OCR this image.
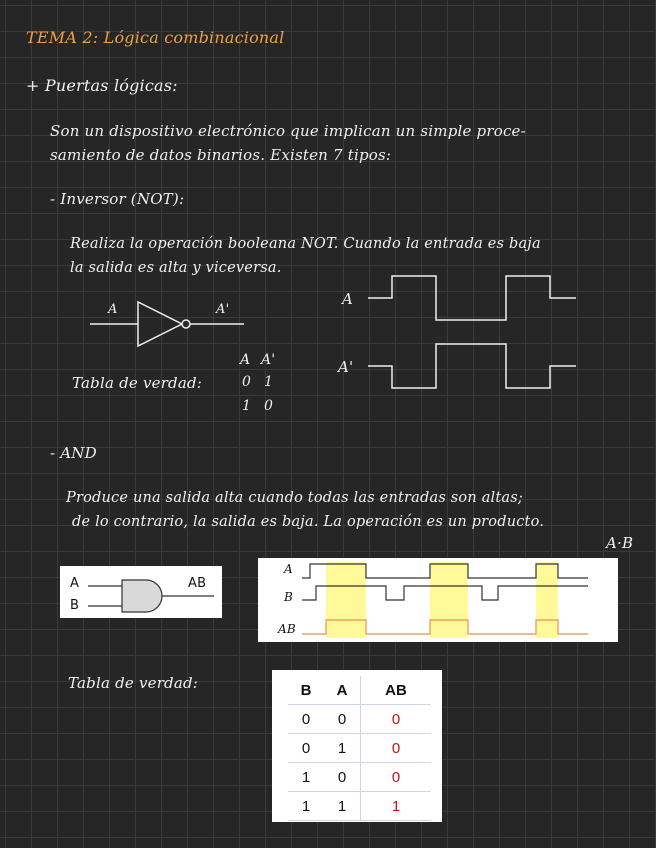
TEMA 2: Lógica combinacional
+ Puertas lógicas:
Son un dispositivo electrónico que implican un simple proce-
samiento de datos binarios. Existen 7 tipos:
- Inversor (NOT):
Realiza la operación booleana NOT. Cuando la entrada es baja
la salida es alta y viceversa.
A	A'
A
A'
Tabla de verdad:
A A'
0 1
1 0
- AND
Produce una salida alta cuando todas las entradas son altas;
de lo contrario, la salida es baja. La operación es un producto.
A·B
A
B
AB
A
B
AB
Tabla de verdad:	B	A	AB
0	0	0
0	1	0
1	0	0
1	1	1
